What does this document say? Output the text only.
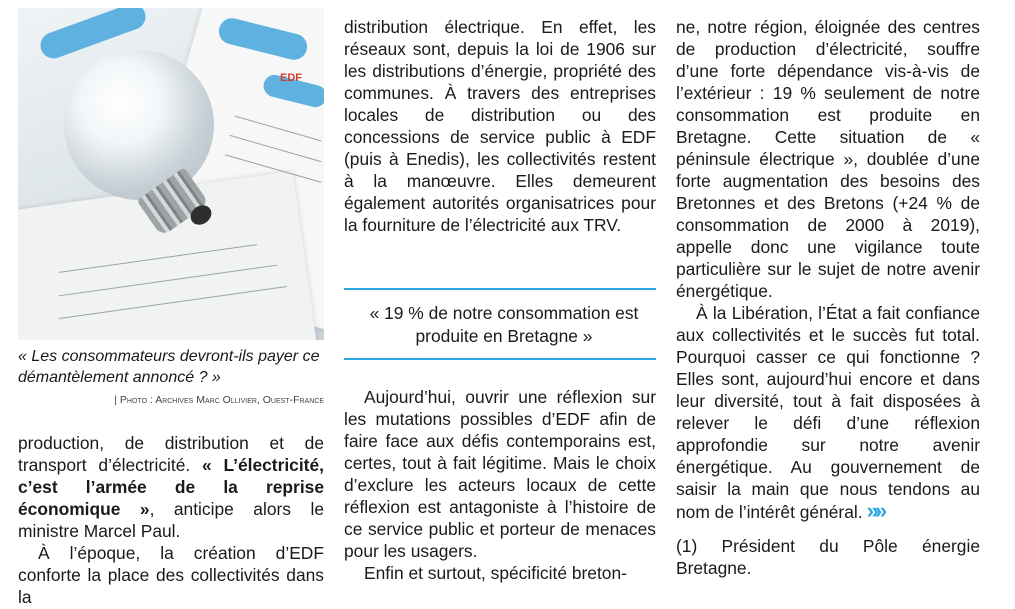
EDF
« Les consommateurs devront-ils payer ce démantèlement annoncé ? »
| Photo : Archives Marc Ollivier, Ouest-France

production, de distribution et de transport d’électricité. « L’électricité, c’est l’armée de la reprise économique », anticipe alors le ministre Marcel Paul.

À l’époque, la création d’EDF conforte la place des collectivités dans la

distribution électrique. En effet, les réseaux sont, depuis la loi de 1906 sur les distributions d’énergie, propriété des communes. À travers des entreprises locales de distribution ou des concessions de service public à EDF (puis à Enedis), les collectivités restent à la manœuvre. Elles demeurent également autorités organisatrices pour la fourniture de l’électricité aux TRV.

« 19 % de notre consommation est produite en Bretagne »

Aujourd’hui, ouvrir une réflexion sur les mutations possibles d’EDF afin de faire face aux défis contemporains est, certes, tout à fait légitime. Mais le choix d’exclure les acteurs locaux de cette réflexion est antagoniste à l’histoire de ce service public et porteur de menaces pour les usagers.

Enfin et surtout, spécificité breton-

ne, notre région, éloignée des centres de production d’électricité, souffre d’une forte dépendance vis-à-vis de l’extérieur : 19 % seulement de notre consommation est produite en Bretagne. Cette situation de « péninsule électrique », doublée d’une forte augmentation des besoins des Bretonnes et des Bretons (+24 % de consommation de 2000 à 2019), appelle donc une vigilance toute particulière sur le sujet de notre avenir énergétique.

À la Libération, l’État a fait confiance aux collectivités et le succès fut total. Pourquoi casser ce qui fonctionne ? Elles sont, aujourd’hui encore et dans leur diversité, tout à fait disposées à relever le défi d’une réflexion approfondie sur notre avenir énergétique. Au gouvernement de saisir la main que nous tendons au nom de l’intérêt général. »»

(1) Président du Pôle énergie Bretagne.
